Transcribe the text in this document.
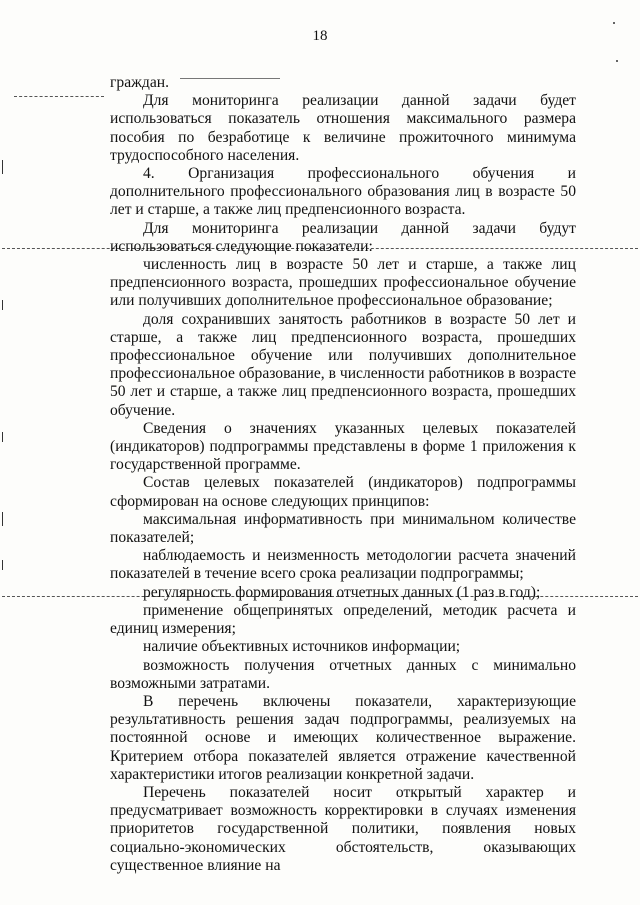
18

граждан.

Для мониторинга реализации данной задачи будет использоваться показатель отношения максимального размера пособия по безработице к величине прожиточного минимума трудоспособного населения.

4. Организация профессионального обучения и дополнительного профессионального образования лиц в возрасте 50 лет и старше, а также лиц предпенсионного возраста.

Для мониторинга реализации данной задачи будут использоваться следующие показатели:

численность лиц в возрасте 50 лет и старше, а также лиц предпенсионного возраста, прошедших профессиональное обучение или получивших дополнительное профессиональное образование;

доля сохранивших занятость работников в возрасте 50 лет и старше, а также лиц предпенсионного возраста, прошедших профессиональное обучение или получивших дополнительное профессиональное образование, в численности работников в возрасте 50 лет и старше, а также лиц предпенсионного возраста, прошедших обучение.

Сведения о значениях указанных целевых показателей (индикаторов) подпрограммы представлены в форме 1 приложения к государственной программе.

Состав целевых показателей (индикаторов) подпрограммы сформирован на основе следующих принципов:

максимальная информативность при минимальном количестве показателей;

наблюдаемость и неизменность методологии расчета значений показателей в течение всего срока реализации подпрограммы;

регулярность формирования отчетных данных (1 раз в год);

применение общепринятых определений, методик расчета и единиц измерения;

наличие объективных источников информации;

возможность получения отчетных данных с минимально возможными затратами.

В перечень включены показатели, характеризующие результативность решения задач подпрограммы, реализуемых на постоянной основе и имеющих количественное выражение. Критерием отбора показателей является отражение качественной характеристики итогов реализации конкретной задачи.

Перечень показателей носит открытый характер и предусматривает возможность корректировки в случаях изменения приоритетов государственной политики, появления новых социально-экономических обстоятельств, оказывающих существенное влияние на
